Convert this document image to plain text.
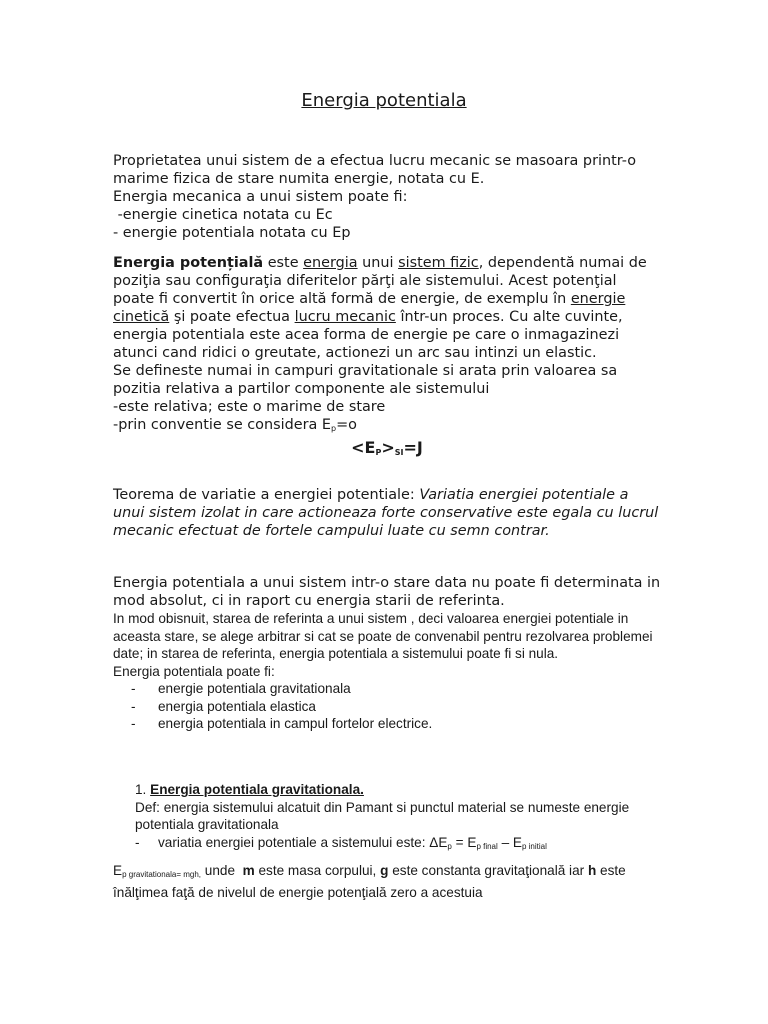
Energia potentiala

Proprietatea unui sistem de a efectua lucru mecanic se masoara printr-o marime fizica de stare numita energie, notata cu E.

Energia mecanica a unui sistem poate fi:

-energie cinetica notata cu Ec

- energie potentiala notata cu Ep

Energia potențială este energia unui sistem fizic, dependentă numai de poziţia sau configuraţia diferitelor părţi ale sistemului. Acest potenţial poate fi convertit în orice altă formă de energie, de exemplu în energie cinetică şi poate efectua lucru mecanic într-un proces. Cu alte cuvinte, energia potentiala este acea forma de energie pe care o inmagazinezi atunci cand ridici o greutate, actionezi un arc sau intinzi un elastic.

Se defineste numai in campuri gravitationale si arata prin valoarea sa pozitia relativa a partilor componente ale sistemului

-este relativa; este o marime de stare

-prin conventie se considera $E_p=o$

$<E_P>_{SI}=J$

Teorema de variatie a energiei potentiale: Variatia energiei potentiale a unui sistem izolat in care actioneaza forte conservative este egala cu lucrul mecanic efectuat de fortele campului luate cu semn contrar.

Energia potentiala a unui sistem intr-o stare data nu poate fi determinata in mod absolut, ci in raport cu energia starii de referinta.

In mod obisnuit, starea de referinta a unui sistem , deci valoarea energiei potentiale in aceasta stare, se alege arbitrar si cat se poate de convenabil pentru rezolvarea problemei date; in starea de referinta, energia potentiala a sistemului poate fi si nula.

Energia potentiala poate fi:

-	energie potentiala gravitationala
-	energia potentiala elastica
-	energia potentiala in campul fortelor electrice.

1. Energia potentiala gravitationala.

Def: energia sistemului alcatuit din Pamant si punctul material se numeste energie potentiala gravitationala

-	variatia energiei potentiale a sistemului este: $\Delta E_p = E_{p final} - E_{p initial}$

$E_{p gravitationala= mgh,}$ unde  m este masa corpului, g este constanta gravitaţională iar h este înălţimea faţă de nivelul de energie potenţială zero a acestuia
